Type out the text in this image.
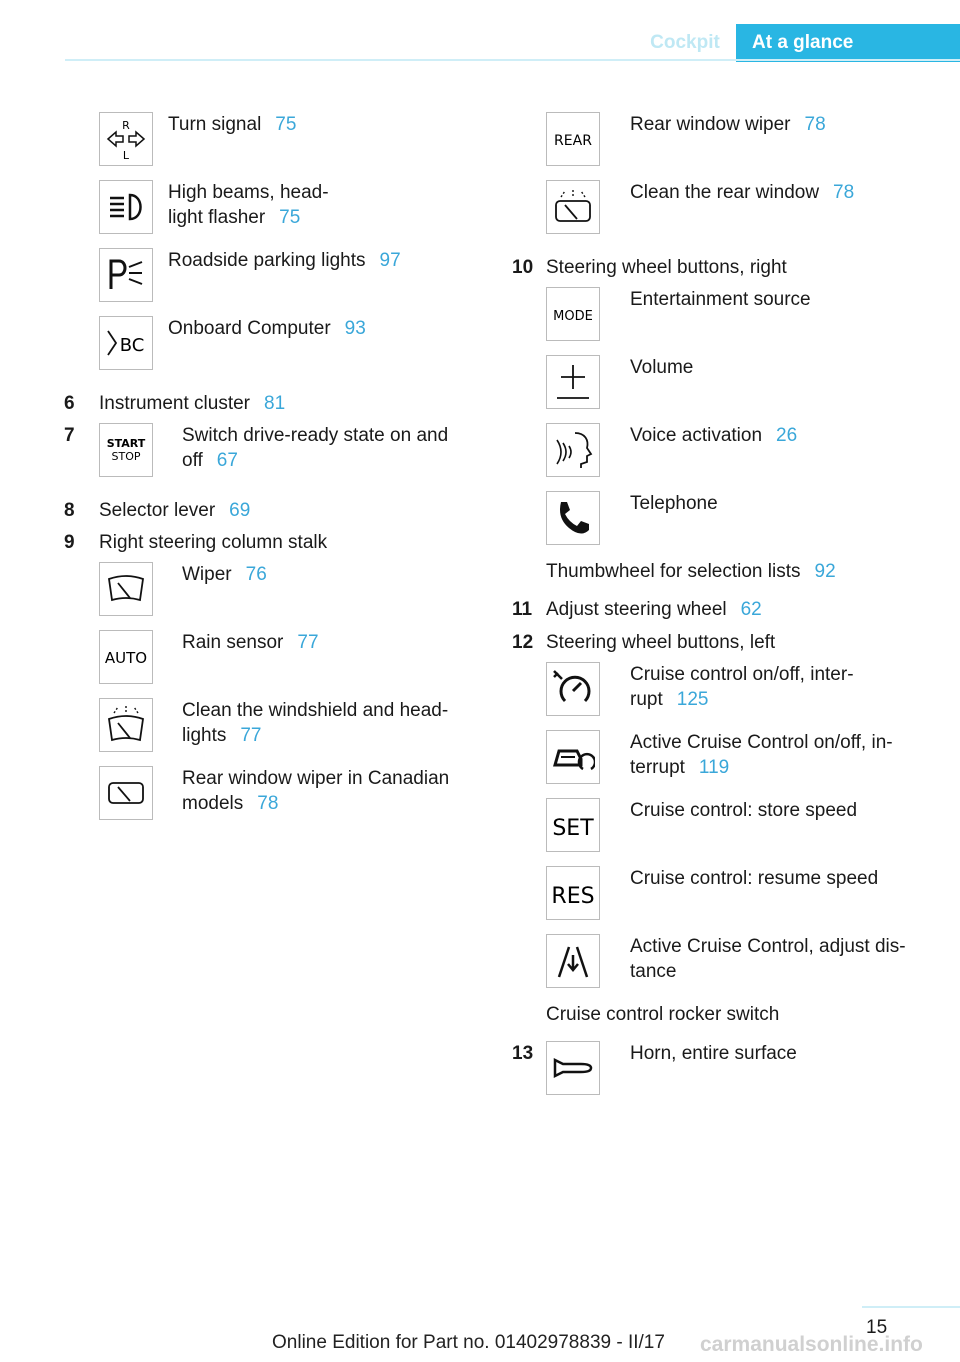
Cockpit	At a glance
R
L
Turn signal 75
High beams, head-
light flasher 75
Roadside parking lights 97
BC
Onboard Computer 93
6 Instrument cluster 81
7	START
STOP
Switch drive-ready state on and
off 67
8 Selector lever 69
9 Right steering column stalk
Wiper 76
AUTO
Rain sensor 77
Clean the windshield and head-
lights 77
Rear window wiper in Canadian
models 78
REAR
Rear window wiper 78
Clean the rear window 78
10 Steering wheel buttons, right
MODE
Entertainment source
Volume
Voice activation 26
Telephone
Thumbwheel for selection lists 92
11 Adjust steering wheel 62
12 Steering wheel buttons, left
Cruise control on/off, inter-
rupt 125
Active Cruise Control on/off, in-
terrupt 119
SET
Cruise control: store speed
RES
Cruise control: resume speed
Active Cruise Control, adjust dis-
tance
Cruise control rocker switch
13	Horn, entire surface
15
Online Edition for Part no. 01402978839 - II/17 carmanualsonline.info
